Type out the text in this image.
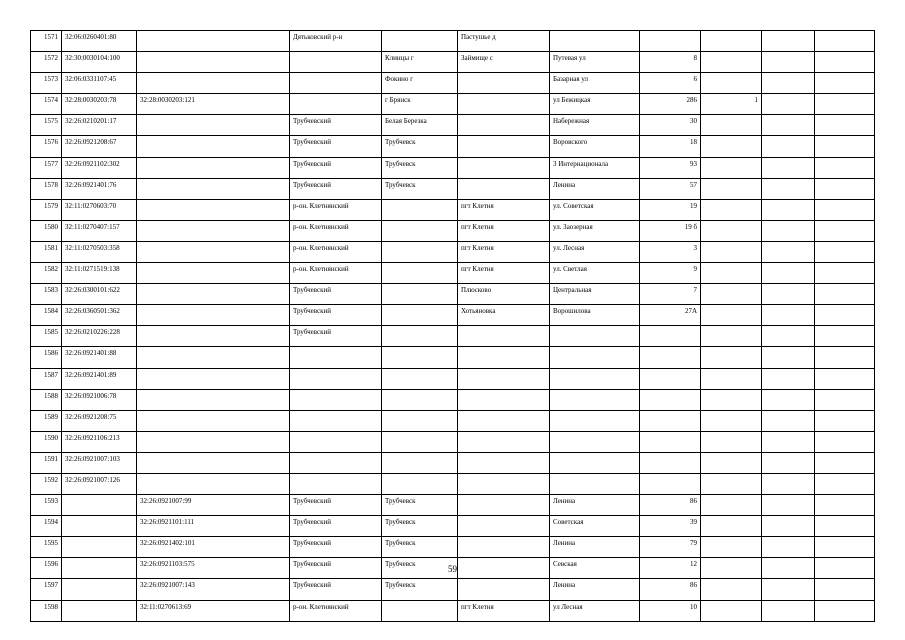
1571	32:06:0260401:80		Дятьковский р-н		Пастушье д					
1572	32:30:0030104:100			Клинцы г	Займище с	Путевая ул	8			
1573	32:06:0331107:45			Фокино г		Базарная ул	6			
1574	32:28:0030203:78	32:28:0030203:121		г Брянск		ул Бежицкая	286	1		
1575	32:26:0210201:17		Трубчевский	Белая Березка		Набережная	30			
1576	32:26:0921208:67		Трубчевский	Трубчевск		Воровского	18			
1577	32:26:0921102:302		Трубчевский	Трубчевск		3 Интернационала	93			
1578	32:26:0921401:76		Трубчевский	Трубчевск		Ленина	57			
1579	32:11:0270603:70		р-он. Клетнянский		пгт Клетня	ул. Советская	19			
1580	32:11:0270407:157		р-он. Клетнянский		пгт Клетня	ул. Заозерная	19 б			
1581	32:11:0270503:358		р-он. Клетнянский		пгт Клетня	ул. Лесная	3			
1582	32:11:0271519:138		р-он. Клетнянский		пгт Клетня	ул. Светлая	9			
1583	32:26:0300101:622		Трубчевский		Плюсково	Центральная	7			
1584	32:26:0360501:362		Трубчевский		Хотьяновка	Ворошилова	27А			
1585	32:26:0210226:228		Трубчевский							
1586	32:26:0921401:88									
1587	32:26:0921401:89									
1588	32:26:0921006:78									
1589	32:26:0921208:75									
1590	32:26:0921106:213									
1591	32:26:0921007:103									
1592	32:26:0921007:126									
1593		32:26:0921007:99	Трубчевский	Трубчевск		Ленина	86			
1594		32:26:0921101:111	Трубчевский	Трубчевск		Советская	39			
1595		32:26:0921402:101	Трубчевский	Трубчевск		Ленина	79			
1596		32:26:0921103:575	Трубчевский	Трубчевск		Севская	12			
1597		32:26:0921007:143	Трубчевский	Трубчевск		Ленина	86			
1598		32:11:0270613:69	р-он. Клетнянский		пгт Клетня	ул Лесная	10			
59
